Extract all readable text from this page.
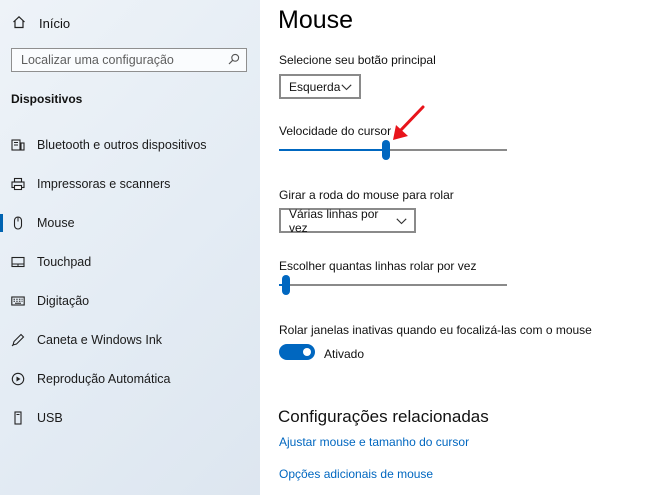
Início
Localizar uma configuração
Dispositivos
Bluetooth e outros dispositivos
Impressoras e scanners
Mouse
Touchpad
Digitação
Caneta e Windows Ink
Reprodução Automática
USB
Mouse
Selecione seu botão principal
Esquerda
Velocidade do cursor
Girar a roda do mouse para rolar
Várias linhas por vez
Escolher quantas linhas rolar por vez
Rolar janelas inativas quando eu focalizá-las com o mouse
Ativado
Configurações relacionadas
Ajustar mouse e tamanho do cursor
Opções adicionais de mouse
